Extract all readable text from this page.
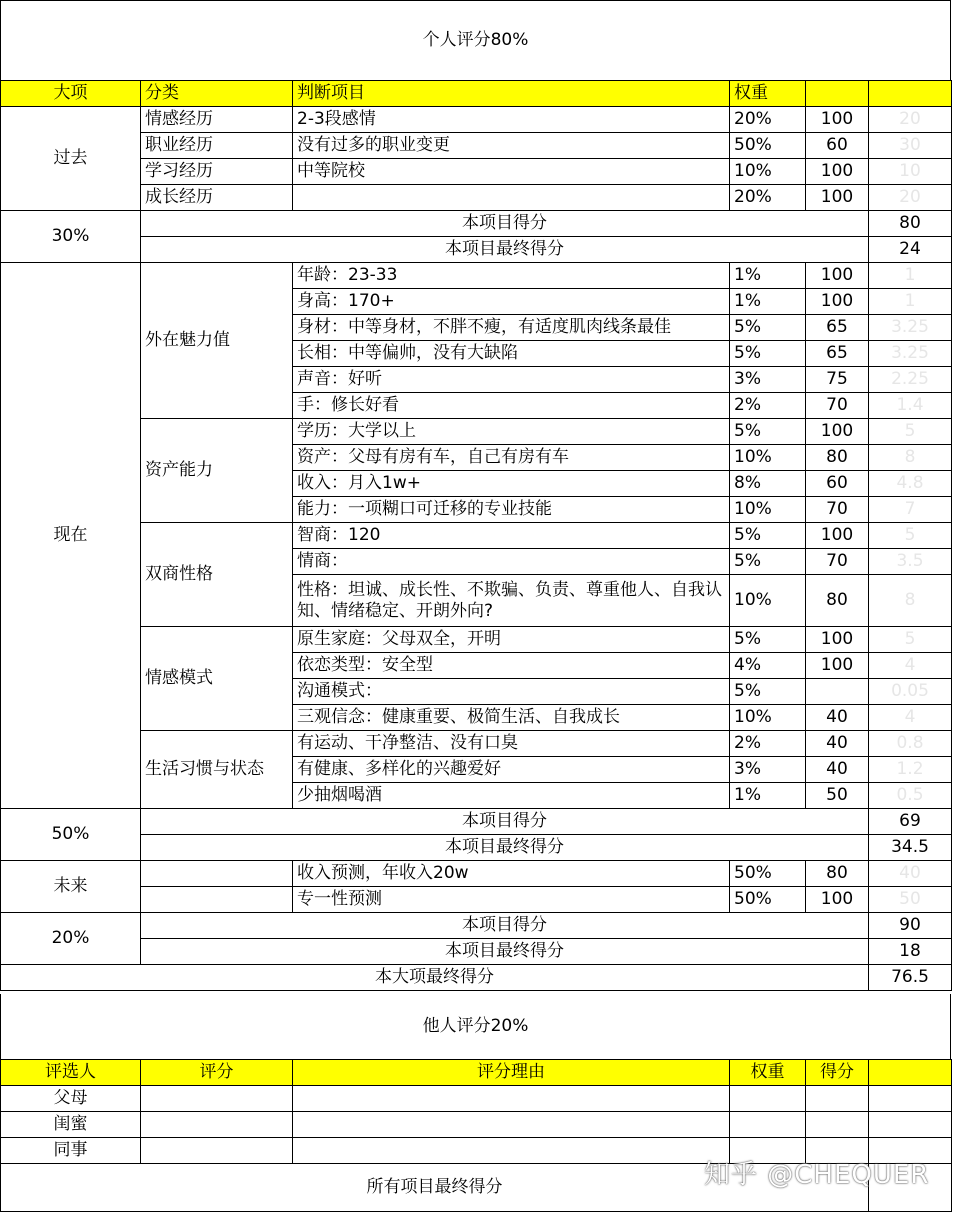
个人评分80%
大项	分类	判断项目	权重		
过去	情感经历	2-3段感情	20%	100	20
	职业经历	没有过多的职业变更	50%	60	30
	学习经历	中等院校	10%	100	10
	成长经历		20%	100	20
30%	本项目得分				80
	本项目最终得分				24
现在	外在魅力值	年龄：23-33	1%	100	1
		身高：170+	1%	100	1
		身材：中等身材，不胖不瘦，有适度肌肉线条最佳	5%	65	3.25
		长相：中等偏帅，没有大缺陷	5%	65	3.25
		声音：好听	3%	75	2.25
		手：修长好看	2%	70	1.4
	资产能力	学历：大学以上	5%	100	5
		资产：父母有房有车，自己有房有车	10%	80	8
		收入：月入1w+	8%	60	4.8
		能力：一项糊口可迁移的专业技能	10%	70	7
	双商性格	智商：120	5%	100	5
		情商：	5%	70	3.5
		性格：坦诚、成长性、不欺骗、负责、尊重他人、自我认知、情绪稳定、开朗外向?	10%	80	8
	情感模式	原生家庭：父母双全，开明	5%	100	5
		依恋类型：安全型	4%	100	4
		沟通模式：	5%		0.05
		三观信念：健康重要、极简生活、自我成长	10%	40	4
	生活习惯与状态	有运动、干净整洁、没有口臭	2%	40	0.8
		有健康、多样化的兴趣爱好	3%	40	1.2
		少抽烟喝酒	1%	50	0.5
50%	本项目得分				69
	本项目最终得分				34.5
未来		收入预测，年收入20w	50%	80	40
		专一性预测	50%	100	50
20%	本项目得分				90
	本项目最终得分				18
本大项最终得分					76.5
他人评分20%
评选人	评分	评分理由	权重	得分	
父母					
闺蜜					
同事					
所有项目最终得分						知乎 @CHEQUER
